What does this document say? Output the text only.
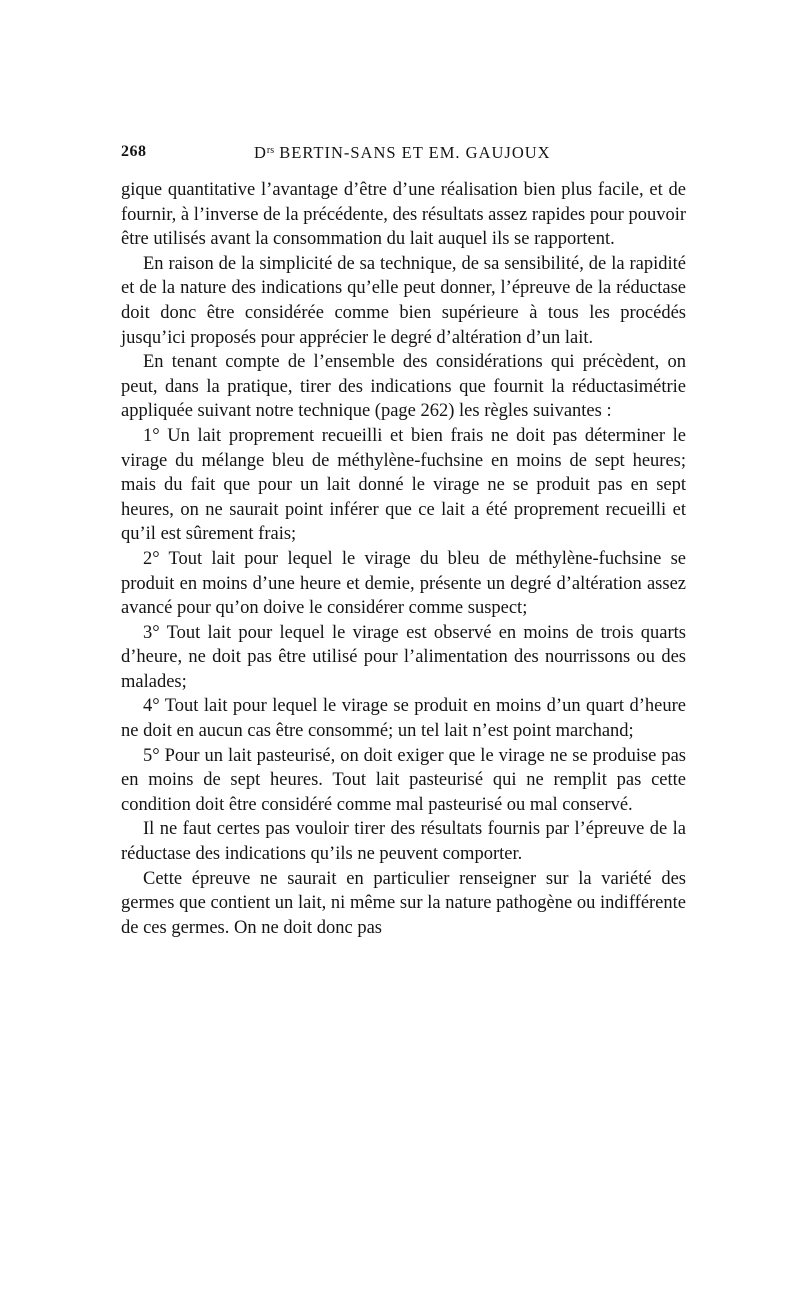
268	$D^{rs}$ BERTIN-SANS ET EM. GAUJOUX

gique quantitative l’avantage d’être d’une réalisation bien plus facile, et de fournir, à l’inverse de la précédente, des résultats assez rapides pour pouvoir être utilisés avant la consommation du lait auquel ils se rapportent.

En raison de la simplicité de sa technique, de sa sensibilité, de la rapidité et de la nature des indications qu’elle peut donner, l’épreuve de la réductase doit donc être considérée comme bien supérieure à tous les procédés jusqu’ici proposés pour apprécier le degré d’altération d’un lait.

En tenant compte de l’ensemble des considérations qui précèdent, on peut, dans la pratique, tirer des indications que fournit la réductasimétrie appliquée suivant notre technique (page 262) les règles suivantes :

1° Un lait proprement recueilli et bien frais ne doit pas déterminer le virage du mélange bleu de méthylène-fuchsine en moins de sept heures; mais du fait que pour un lait donné le virage ne se produit pas en sept heures, on ne saurait point inférer que ce lait a été proprement recueilli et qu’il est sûrement frais;

2° Tout lait pour lequel le virage du bleu de méthylène-fuchsine se produit en moins d’une heure et demie, présente un degré d’altération assez avancé pour qu’on doive le considérer comme suspect;

3° Tout lait pour lequel le virage est observé en moins de trois quarts d’heure, ne doit pas être utilisé pour l’alimentation des nourrissons ou des malades;

4° Tout lait pour lequel le virage se produit en moins d’un quart d’heure ne doit en aucun cas être consommé; un tel lait n’est point marchand;

5° Pour un lait pasteurisé, on doit exiger que le virage ne se produise pas en moins de sept heures. Tout lait pasteurisé qui ne remplit pas cette condition doit être considéré comme mal pasteurisé ou mal conservé.

Il ne faut certes pas vouloir tirer des résultats fournis par l’épreuve de la réductase des indications qu’ils ne peuvent comporter.

Cette épreuve ne saurait en particulier renseigner sur la variété des germes que contient un lait, ni même sur la nature pathogène ou indifférente de ces germes. On ne doit donc pas
